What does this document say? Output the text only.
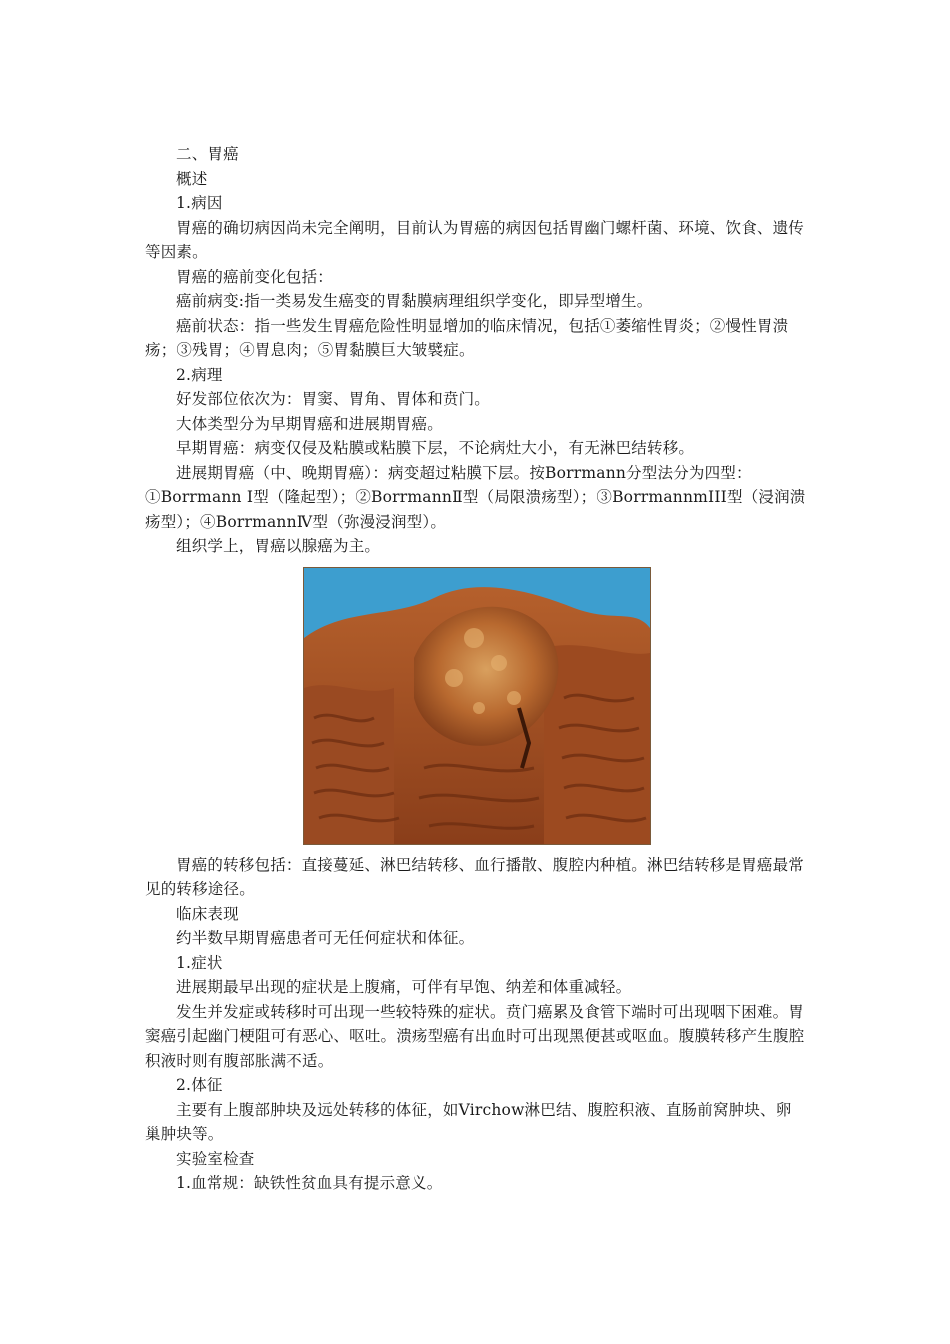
二、胃癌

概述

1.病因

胃癌的确切病因尚未完全阐明，目前认为胃癌的病因包括胃幽门螺杆菌、环境、饮食、遗传等因素。

胃癌的癌前变化包括：

癌前病变:指一类易发生癌变的胃黏膜病理组织学变化，即异型增生。

癌前状态：指一些发生胃癌危险性明显增加的临床情况，包括①萎缩性胃炎；②慢性胃溃疡；③残胃；④胃息肉；⑤胃黏膜巨大皱襞症。

2.病理

好发部位依次为：胃窦、胃角、胃体和贲门。

大体类型分为早期胃癌和进展期胃癌。

早期胃癌：病变仅侵及粘膜或粘膜下层，不论病灶大小，有无淋巴结转移。

进展期胃癌（中、晚期胃癌）：病变超过粘膜下层。按Borrmann分型法分为四型：①Borrmann Ⅰ型（隆起型）；②BorrmannⅡ型（局限溃疡型）；③BorrmannmIII型（浸润溃疡型）；④BorrmannⅣ型（弥漫浸润型）。

组织学上，胃癌以腺癌为主。

胃癌的转移包括：直接蔓延、淋巴结转移、血行播散、腹腔内种植。淋巴结转移是胃癌最常见的转移途径。

临床表现

约半数早期胃癌患者可无任何症状和体征。

1.症状

进展期最早出现的症状是上腹痛，可伴有早饱、纳差和体重减轻。

发生并发症或转移时可出现一些较特殊的症状。贲门癌累及食管下端时可出现咽下困难。胃窦癌引起幽门梗阻可有恶心、呕吐。溃疡型癌有出血时可出现黑便甚或呕血。腹膜转移产生腹腔积液时则有腹部胀满不适。

2.体征

主要有上腹部肿块及远处转移的体征，如Virchow淋巴结、腹腔积液、直肠前窝肿块、卵巢肿块等。

实验室检查

1.血常规：缺铁性贫血具有提示意义。
